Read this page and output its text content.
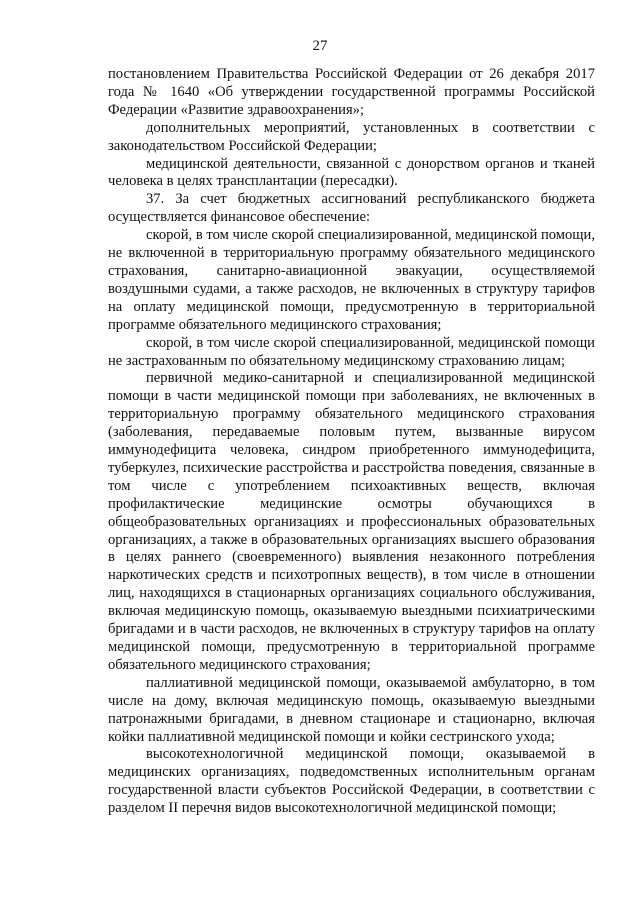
27

постановлением Правительства Российской Федерации от 26 декабря 2017 года № 1640 «Об утверждении государственной программы Российской Федерации «Развитие здравоохранения»;

дополнительных мероприятий, установленных в соответствии с законодательством Российской Федерации;

медицинской деятельности, связанной с донорством органов и тканей человека в целях трансплантации (пересадки).

37. За счет бюджетных ассигнований республиканского бюджета осуществляется финансовое обеспечение:

скорой, в том числе скорой специализированной, медицинской помощи, не включенной в территориальную программу обязательного медицинского страхования, санитарно-авиационной эвакуации, осуществляемой воздушными судами, а также расходов, не включенных в структуру тарифов на оплату медицинской помощи, предусмотренную в территориальной программе обязательного медицинского страхования;

скорой, в том числе скорой специализированной, медицинской помощи не застрахованным по обязательному медицинскому страхованию лицам;

первичной медико-санитарной и специализированной медицинской помощи в части медицинской помощи при заболеваниях, не включенных в территориальную программу обязательного медицинского страхования (заболевания, передаваемые половым путем, вызванные вирусом иммунодефицита человека, синдром приобретенного иммунодефицита, туберкулез, психические расстройства и расстройства поведения, связанные в том числе с употреблением психоактивных веществ, включая профилактические медицинские осмотры обучающихся в общеобразовательных организациях и профессиональных образовательных организациях, а также в образовательных организациях высшего образования в целях раннего (своевременного) выявления незаконного потребления наркотических средств и психотропных веществ), в том числе в отношении лиц, находящихся в стационарных организациях социального обслуживания, включая медицинскую помощь, оказываемую выездными психиатрическими бригадами и в части расходов, не включенных в структуру тарифов на оплату медицинской помощи, предусмотренную в территориальной программе обязательного медицинского страхования;

паллиативной медицинской помощи, оказываемой амбулаторно, в том числе на дому, включая медицинскую помощь, оказываемую выездными патронажными бригадами, в дневном стационаре и стационарно, включая койки паллиативной медицинской помощи и койки сестринского ухода;

высокотехнологичной медицинской помощи, оказываемой в медицинских организациях, подведомственных исполнительным органам государственной власти субъектов Российской Федерации, в соответствии с разделом II перечня видов высокотехнологичной медицинской помощи;
